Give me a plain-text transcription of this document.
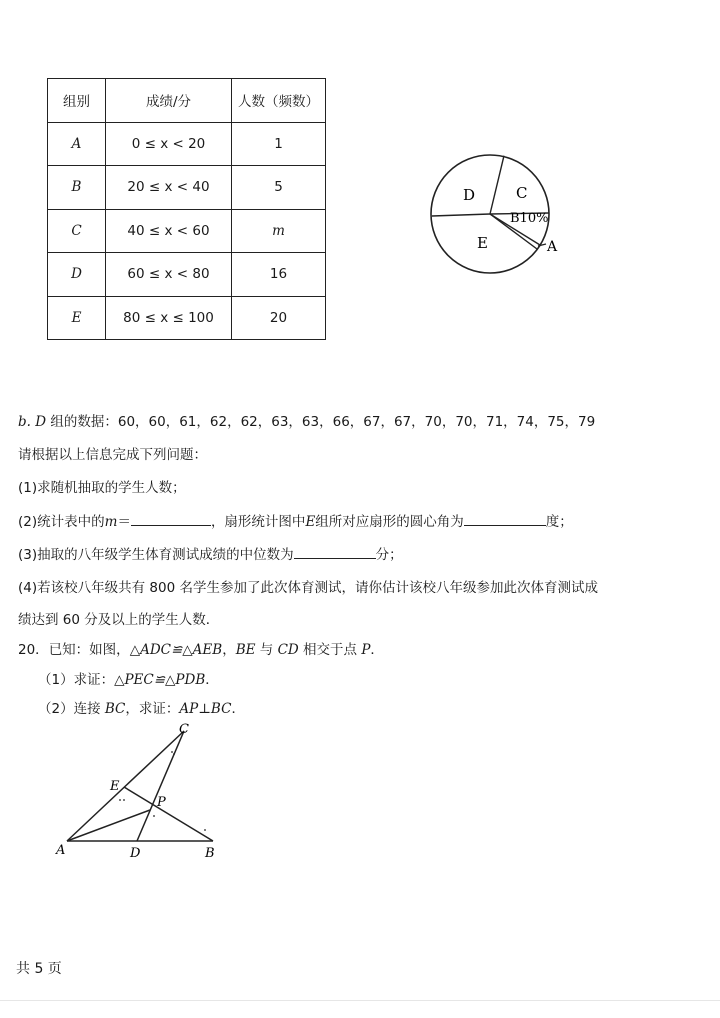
组别	成绩/分	人数（频数）
A	0 ≤ x < 20	1
B	20 ≤ x < 40	5
C	40 ≤ x < 60	m
D	60 ≤ x < 80	16
E	80 ≤ x ≤ 100	20
D	C
B10%
E	A
b. D 组的数据：60，60，61，62，62，63，63，66，67，67，70，70，71，74，75，79
请根据以上信息完成下列问题：
(1)求随机抽取的学生人数；
(2)统计表中的m＝	，扇形统计图中E组所对应扇形的圆心角为	度；
(3)抽取的八年级学生体育测试成绩的中位数为	分；
(4)若该校八年级共有 800 名学生参加了此次体育测试，请你估计该校八年级参加此次体育测试成
绩达到 60 分及以上的学生人数．
20．已知：如图，△ADC≌△AEB，BE 与 CD 相交于点 P．
（1）求证：△PEC≌△PDB．
（2）连接 BC，求证：AP⊥BC．
C
E
P
A	D	B
共 5 页
